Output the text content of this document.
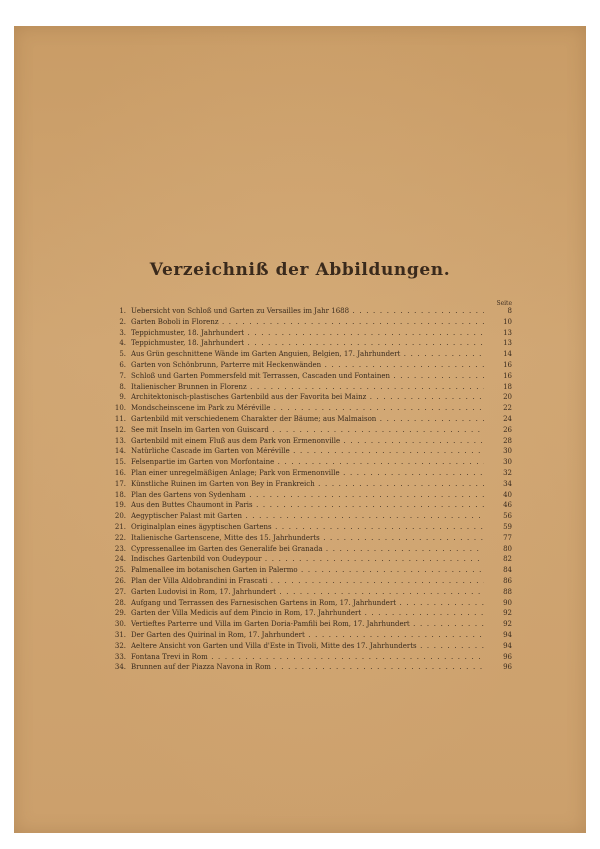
Verzeichniß der Abbildungen.
Seite
1. Uebersicht von Schloß und Garten zu Versailles im Jahr 1688 . . .	8
2. Garten Boboli in Florenz . . .	10
3. Teppichmuster, 18. Jahrhundert . . .	13
4. Teppichmuster, 18. Jahrhundert . . .	13
5. Aus Grün geschnittene Wände im Garten Anguien, Belgien, 17. Jahrhundert . . .	14
6. Garten von Schönbrunn, Parterre mit Heckenwänden . . .	16
7. Schloß und Garten Pommersfeld mit Terrassen, Cascaden und Fontainen . . .	16
8. Italienischer Brunnen in Florenz . . .	18
9. Architektonisch-plastisches Gartenbild aus der Favorita bei Mainz . . .	20
10. Mondscheinscene im Park zu Méréville . . .	22
11. Gartenbild mit verschiedenem Charakter der Bäume; aus Malmaison . . .	24
12. See mit Inseln im Garten von Guiscard . . .	26
13. Gartenbild mit einem Fluß aus dem Park von Ermenonville . . .	28
14. Natürliche Cascade im Garten von Méréville . . .	30
15. Felsenpartie im Garten von Morfontaine . . .	30
16. Plan einer unregelmäßigen Anlage; Park von Ermenonville . . .	32
17. Künstliche Ruinen im Garten von Bey in Frankreich . . .	34
18. Plan des Gartens von Sydenham . . .	40
19. Aus den Buttes Chaumont in Paris . . .	46
20. Aegyptischer Palast mit Garten . . .	56
21. Originalplan eines ägyptischen Gartens . . .	59
22. Italienische Gartenscene, Mitte des 15. Jahrhunderts . . .	77
23. Cypressenallee im Garten des Generalife bei Granada . . .	80
24. Indisches Gartenbild von Oudeypour . . .	82
25. Palmenallee im botanischen Garten in Palermo . . .	84
26. Plan der Villa Aldobrandini in Frascati . . .	86
27. Garten Ludovisi in Rom, 17. Jahrhundert . . .	88
28. Aufgang und Terrassen des Farnesischen Gartens in Rom, 17. Jahrhundert . . .	90
29. Garten der Villa Medicis auf dem Pincio in Rom, 17. Jahrhundert . . .	92
30. Vertieftes Parterre und Villa im Garten Doria-Pamfili bei Rom, 17. Jahrhundert . . .	92
31. Der Garten des Quirinal in Rom, 17. Jahrhundert . . .	94
32. Aeltere Ansicht von Garten und Villa d'Este in Tivoli, Mitte des 17. Jahrhunderts . . .	94
33. Fontana Trevi in Rom . . .	96
34. Brunnen auf der Piazza Navona in Rom . . .	96
